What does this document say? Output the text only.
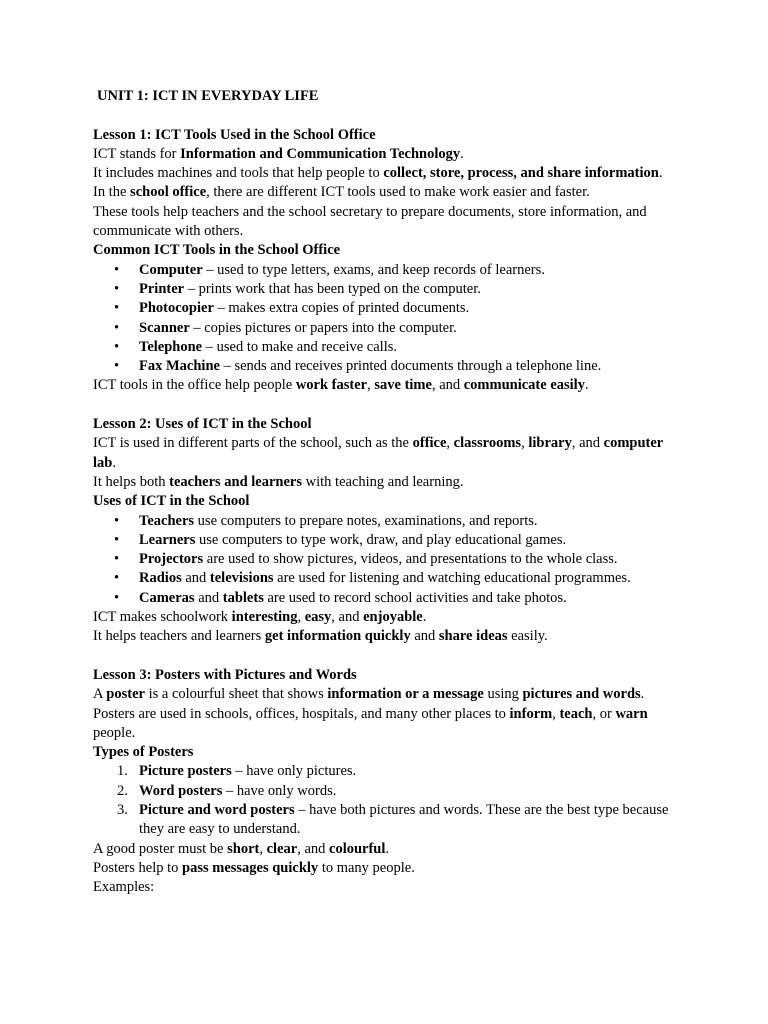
UNIT 1: ICT IN EVERYDAY LIFE
Lesson 1: ICT Tools Used in the School Office

ICT stands for Information and Communication Technology.

It includes machines and tools that help people to collect, store, process, and share information.

In the school office, there are different ICT tools used to make work easier and faster.

These tools help teachers and the school secretary to prepare documents, store information, and communicate with others.

Common ICT Tools in the School Office
• Computer – used to type letters, exams, and keep records of learners.
• Printer – prints work that has been typed on the computer.
• Photocopier – makes extra copies of printed documents.
• Scanner – copies pictures or papers into the computer.
• Telephone – used to make and receive calls.
• Fax Machine – sends and receives printed documents through a telephone line.

ICT tools in the office help people work faster, save time, and communicate easily.

Lesson 2: Uses of ICT in the School

ICT is used in different parts of the school, such as the office, classrooms, library, and computer lab.

It helps both teachers and learners with teaching and learning.

Uses of ICT in the School
• Teachers use computers to prepare notes, examinations, and reports.
• Learners use computers to type work, draw, and play educational games.
• Projectors are used to show pictures, videos, and presentations to the whole class.
• Radios and televisions are used for listening and watching educational programmes.
• Cameras and tablets are used to record school activities and take photos.

ICT makes schoolwork interesting, easy, and enjoyable.

It helps teachers and learners get information quickly and share ideas easily.

Lesson 3: Posters with Pictures and Words

A poster is a colourful sheet that shows information or a message using pictures and words.

Posters are used in schools, offices, hospitals, and many other places to inform, teach, or warn people.

Types of Posters
1. Picture posters – have only pictures.
2. Word posters – have only words.
3. Picture and word posters – have both pictures and words. These are the best type because they are easy to understand.

A good poster must be short, clear, and colourful.

Posters help to pass messages quickly to many people.

Examples:
